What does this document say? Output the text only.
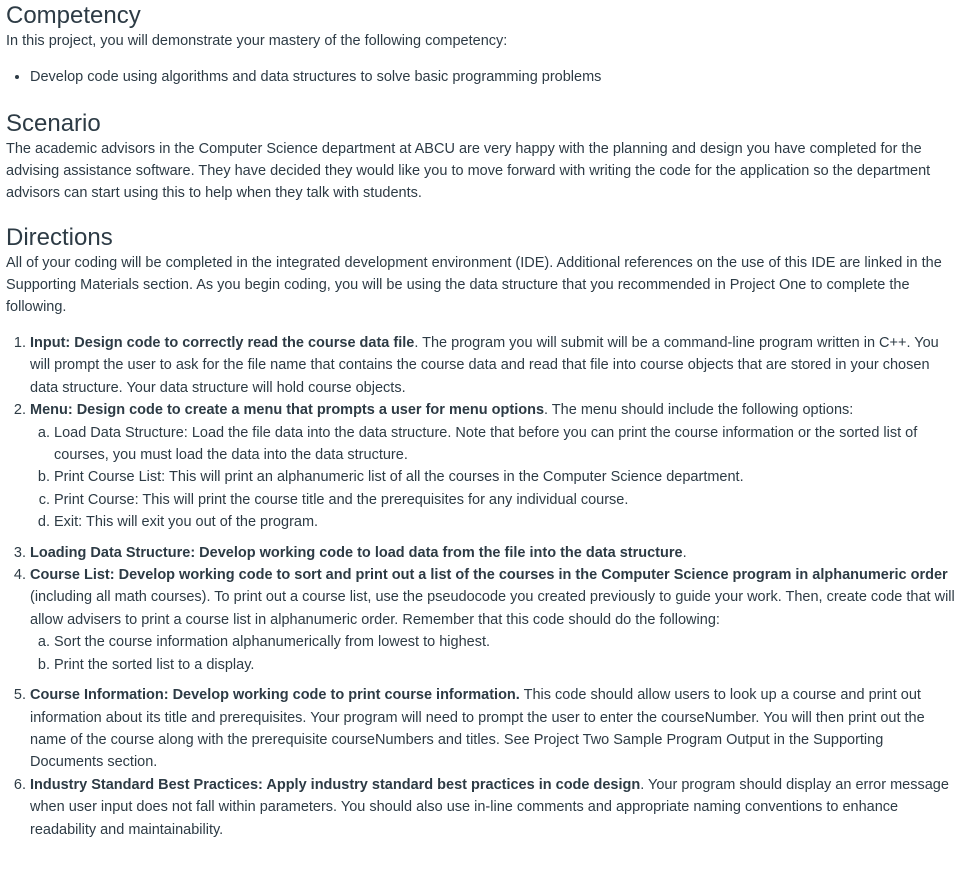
Competency

In this project, you will demonstrate your mastery of the following competency:

• Develop code using algorithms and data structures to solve basic programming problems
Scenario

The academic advisors in the Computer Science department at ABCU are very happy with the planning and design you have completed for the advising assistance software. They have decided they would like you to move forward with writing the code for the application so the department advisors can start using this to help when they talk with students.

Directions

All of your coding will be completed in the integrated development environment (IDE). Additional references on the use of this IDE are linked in the Supporting Materials section. As you begin coding, you will be using the data structure that you recommended in Project One to complete the following.

1. Input: Design code to correctly read the course data file. The program you will submit will be a command-line program written in C++. You will prompt the user to ask for the file name that contains the course data and read that file into course objects that are stored in your chosen data structure. Your data structure will hold course objects.
2. Menu: Design code to create a menu that prompts a user for menu options. The menu should include the following options:
a. Load Data Structure: Load the file data into the data structure. Note that before you can print the course information or the sorted list of courses, you must load the data into the data structure.
b. Print Course List: This will print an alphanumeric list of all the courses in the Computer Science department.
c. Print Course: This will print the course title and the prerequisites for any individual course.
d. Exit: This will exit you out of the program.
3. Loading Data Structure: Develop working code to load data from the file into the data structure.
4. Course List: Develop working code to sort and print out a list of the courses in the Computer Science program in alphanumeric order (including all math courses). To print out a course list, use the pseudocode you created previously to guide your work. Then, create code that will allow advisers to print a course list in alphanumeric order. Remember that this code should do the following:
a. Sort the course information alphanumerically from lowest to highest.
b. Print the sorted list to a display.
5. Course Information: Develop working code to print course information. This code should allow users to look up a course and print out information about its title and prerequisites. Your program will need to prompt the user to enter the courseNumber. You will then print out the name of the course along with the prerequisite courseNumbers and titles. See Project Two Sample Program Output in the Supporting Documents section.
6. Industry Standard Best Practices: Apply industry standard best practices in code design. Your program should display an error message when user input does not fall within parameters. You should also use in-line comments and appropriate naming conventions to enhance readability and maintainability.
